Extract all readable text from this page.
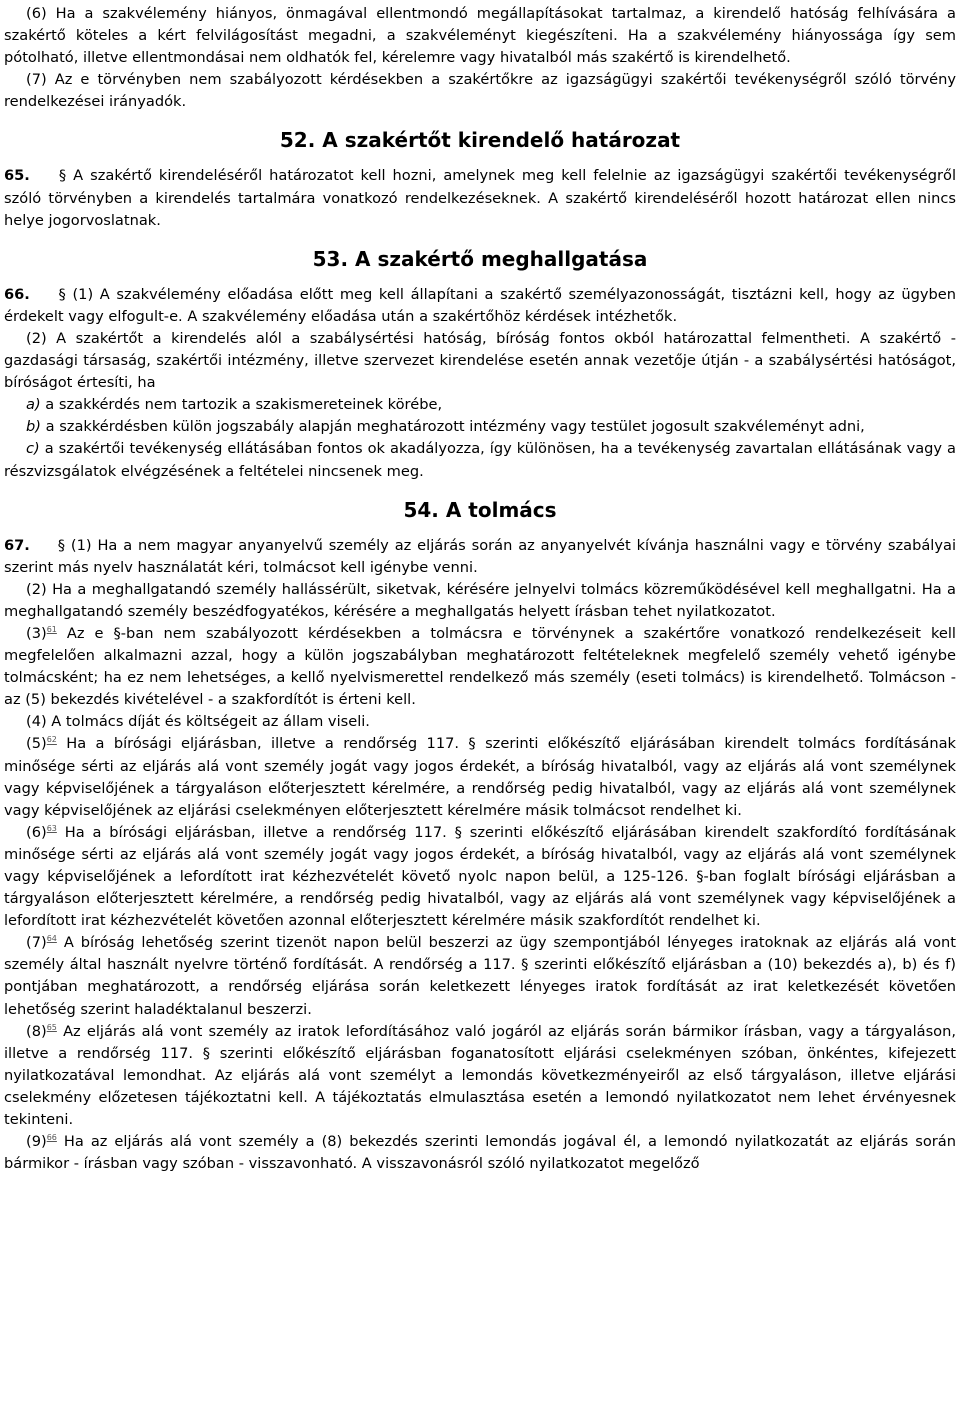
(6) Ha a szakvélemény hiányos, önmagával ellentmondó megállapításokat tartalmaz, a kirendelő hatóság felhívására a szakértő köteles a kért felvilágosítást megadni, a szakvéleményt kiegészíteni. Ha a szakvélemény hiányossága így sem pótolható, illetve ellentmondásai nem oldhatók fel, kérelemre vagy hivatalból más szakértő is kirendelhető.

(7) Az e törvényben nem szabályozott kérdésekben a szakértőkre az igazságügyi szakértői tevékenységről szóló törvény rendelkezései irányadók.

52. A szakértőt kirendelő határozat

65. § A szakértő kirendeléséről határozatot kell hozni, amelynek meg kell felelnie az igazságügyi szakértői tevékenységről szóló törvényben a kirendelés tartalmára vonatkozó rendelkezéseknek. A szakértő kirendeléséről hozott határozat ellen nincs helye jogorvoslatnak.

53. A szakértő meghallgatása

66. § (1) A szakvélemény előadása előtt meg kell állapítani a szakértő személyazonosságát, tisztázni kell, hogy az ügyben érdekelt vagy elfogult-e. A szakvélemény előadása után a szakértőhöz kérdések intézhetők.

(2) A szakértőt a kirendelés alól a szabálysértési hatóság, bíróság fontos okból határozattal felmentheti. A szakértő - gazdasági társaság, szakértői intézmény, illetve szervezet kirendelése esetén annak vezetője útján - a szabálysértési hatóságot, bíróságot értesíti, ha

a) a szakkérdés nem tartozik a szakismereteinek körébe,

b) a szakkérdésben külön jogszabály alapján meghatározott intézmény vagy testület jogosult szakvéleményt adni,

c) a szakértői tevékenység ellátásában fontos ok akadályozza, így különösen, ha a tevékenység zavartalan ellátásának vagy a részvizsgálatok elvégzésének a feltételei nincsenek meg.

54. A tolmács

67. § (1) Ha a nem magyar anyanyelvű személy az eljárás során az anyanyelvét kívánja használni vagy e törvény szabályai szerint más nyelv használatát kéri, tolmácsot kell igénybe venni.

(2) Ha a meghallgatandó személy hallássérült, siketvak, kérésére jelnyelvi tolmács közreműködésével kell meghallgatni. Ha a meghallgatandó személy beszédfogyatékos, kérésére a meghallgatás helyett írásban tehet nyilatkozatot.

(3)$^{61}$ Az e §-ban nem szabályozott kérdésekben a tolmácsra e törvénynek a szakértőre vonatkozó rendelkezéseit kell megfelelően alkalmazni azzal, hogy a külön jogszabályban meghatározott feltételeknek megfelelő személy vehető igénybe tolmácsként; ha ez nem lehetséges, a kellő nyelvismerettel rendelkező más személy (eseti tolmács) is kirendelhető. Tolmácson - az (5) bekezdés kivételével - a szakfordítót is érteni kell.

(4) A tolmács díját és költségeit az állam viseli.

(5)$^{62}$ Ha a bírósági eljárásban, illetve a rendőrség 117. § szerinti előkészítő eljárásában kirendelt tolmács fordításának minősége sérti az eljárás alá vont személy jogát vagy jogos érdekét, a bíróság hivatalból, vagy az eljárás alá vont személynek vagy képviselőjének a tárgyaláson előterjesztett kérelmére, a rendőrség pedig hivatalból, vagy az eljárás alá vont személynek vagy képviselőjének az eljárási cselekményen előterjesztett kérelmére másik tolmácsot rendelhet ki.

(6)$^{63}$ Ha a bírósági eljárásban, illetve a rendőrség 117. § szerinti előkészítő eljárásában kirendelt szakfordító fordításának minősége sérti az eljárás alá vont személy jogát vagy jogos érdekét, a bíróság hivatalból, vagy az eljárás alá vont személynek vagy képviselőjének a lefordított irat kézhezvételét követő nyolc napon belül, a 125-126. §-ban foglalt bírósági eljárásban a tárgyaláson előterjesztett kérelmére, a rendőrség pedig hivatalból, vagy az eljárás alá vont személynek vagy képviselőjének a lefordított irat kézhezvételét követően azonnal előterjesztett kérelmére másik szakfordítót rendelhet ki.

(7)$^{64}$ A bíróság lehetőség szerint tizenöt napon belül beszerzi az ügy szempontjából lényeges iratoknak az eljárás alá vont személy által használt nyelvre történő fordítását. A rendőrség a 117. § szerinti előkészítő eljárásban a (10) bekezdés a), b) és f) pontjában meghatározott, a rendőrség eljárása során keletkezett lényeges iratok fordítását az irat keletkezését követően lehetőség szerint haladéktalanul beszerzi.

(8)$^{65}$ Az eljárás alá vont személy az iratok lefordításához való jogáról az eljárás során bármikor írásban, vagy a tárgyaláson, illetve a rendőrség 117. § szerinti előkészítő eljárásban foganatosított eljárási cselekményen szóban, önkéntes, kifejezett nyilatkozatával lemondhat. Az eljárás alá vont személyt a lemondás következményeiről az első tárgyaláson, illetve eljárási cselekmény előzetesen tájékoztatni kell. A tájékoztatás elmulasztása esetén a lemondó nyilatkozatot nem lehet érvényesnek tekinteni.

(9)$^{66}$ Ha az eljárás alá vont személy a (8) bekezdés szerinti lemondás jogával él, a lemondó nyilatkozatát az eljárás során bármikor - írásban vagy szóban - visszavonható. A visszavonásról szóló nyilatkozatot megelőző
